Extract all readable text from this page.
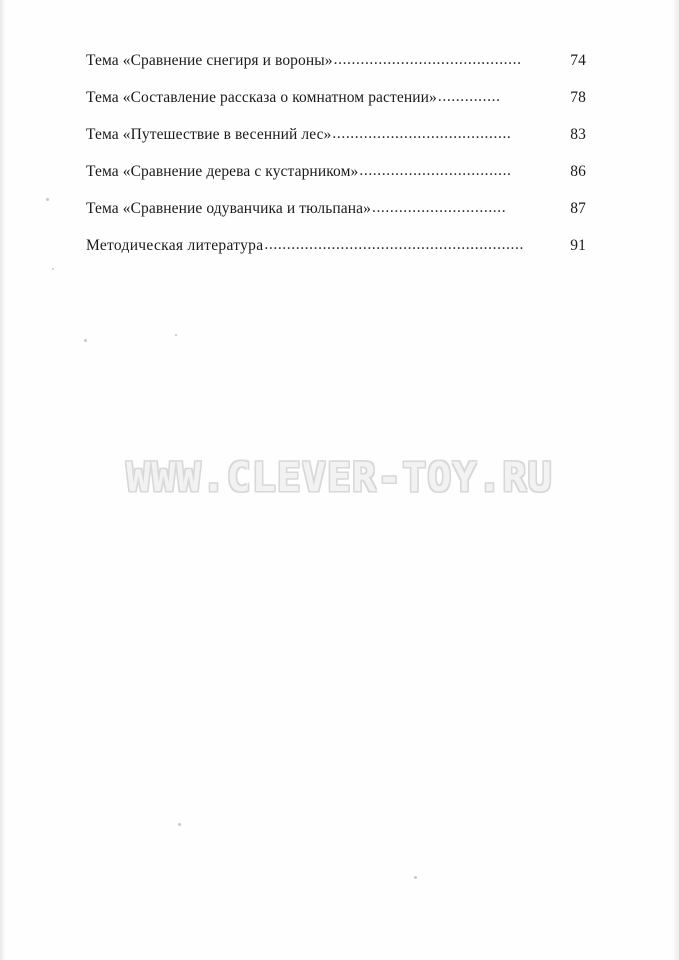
Тема «Сравнение снегиря и вороны» ..........................................	74
Тема «Составление рассказа о комнатном растении» ..............	78
Тема «Путешествие в весенний лес» ........................................	83
Тема «Сравнение дерева с кустарником» ..................................	86
Тема «Сравнение одуванчика и тюльпана» ..............................	87
Методическая литература ..........................................................	91
WWW.CLEVER-TOY.RU
